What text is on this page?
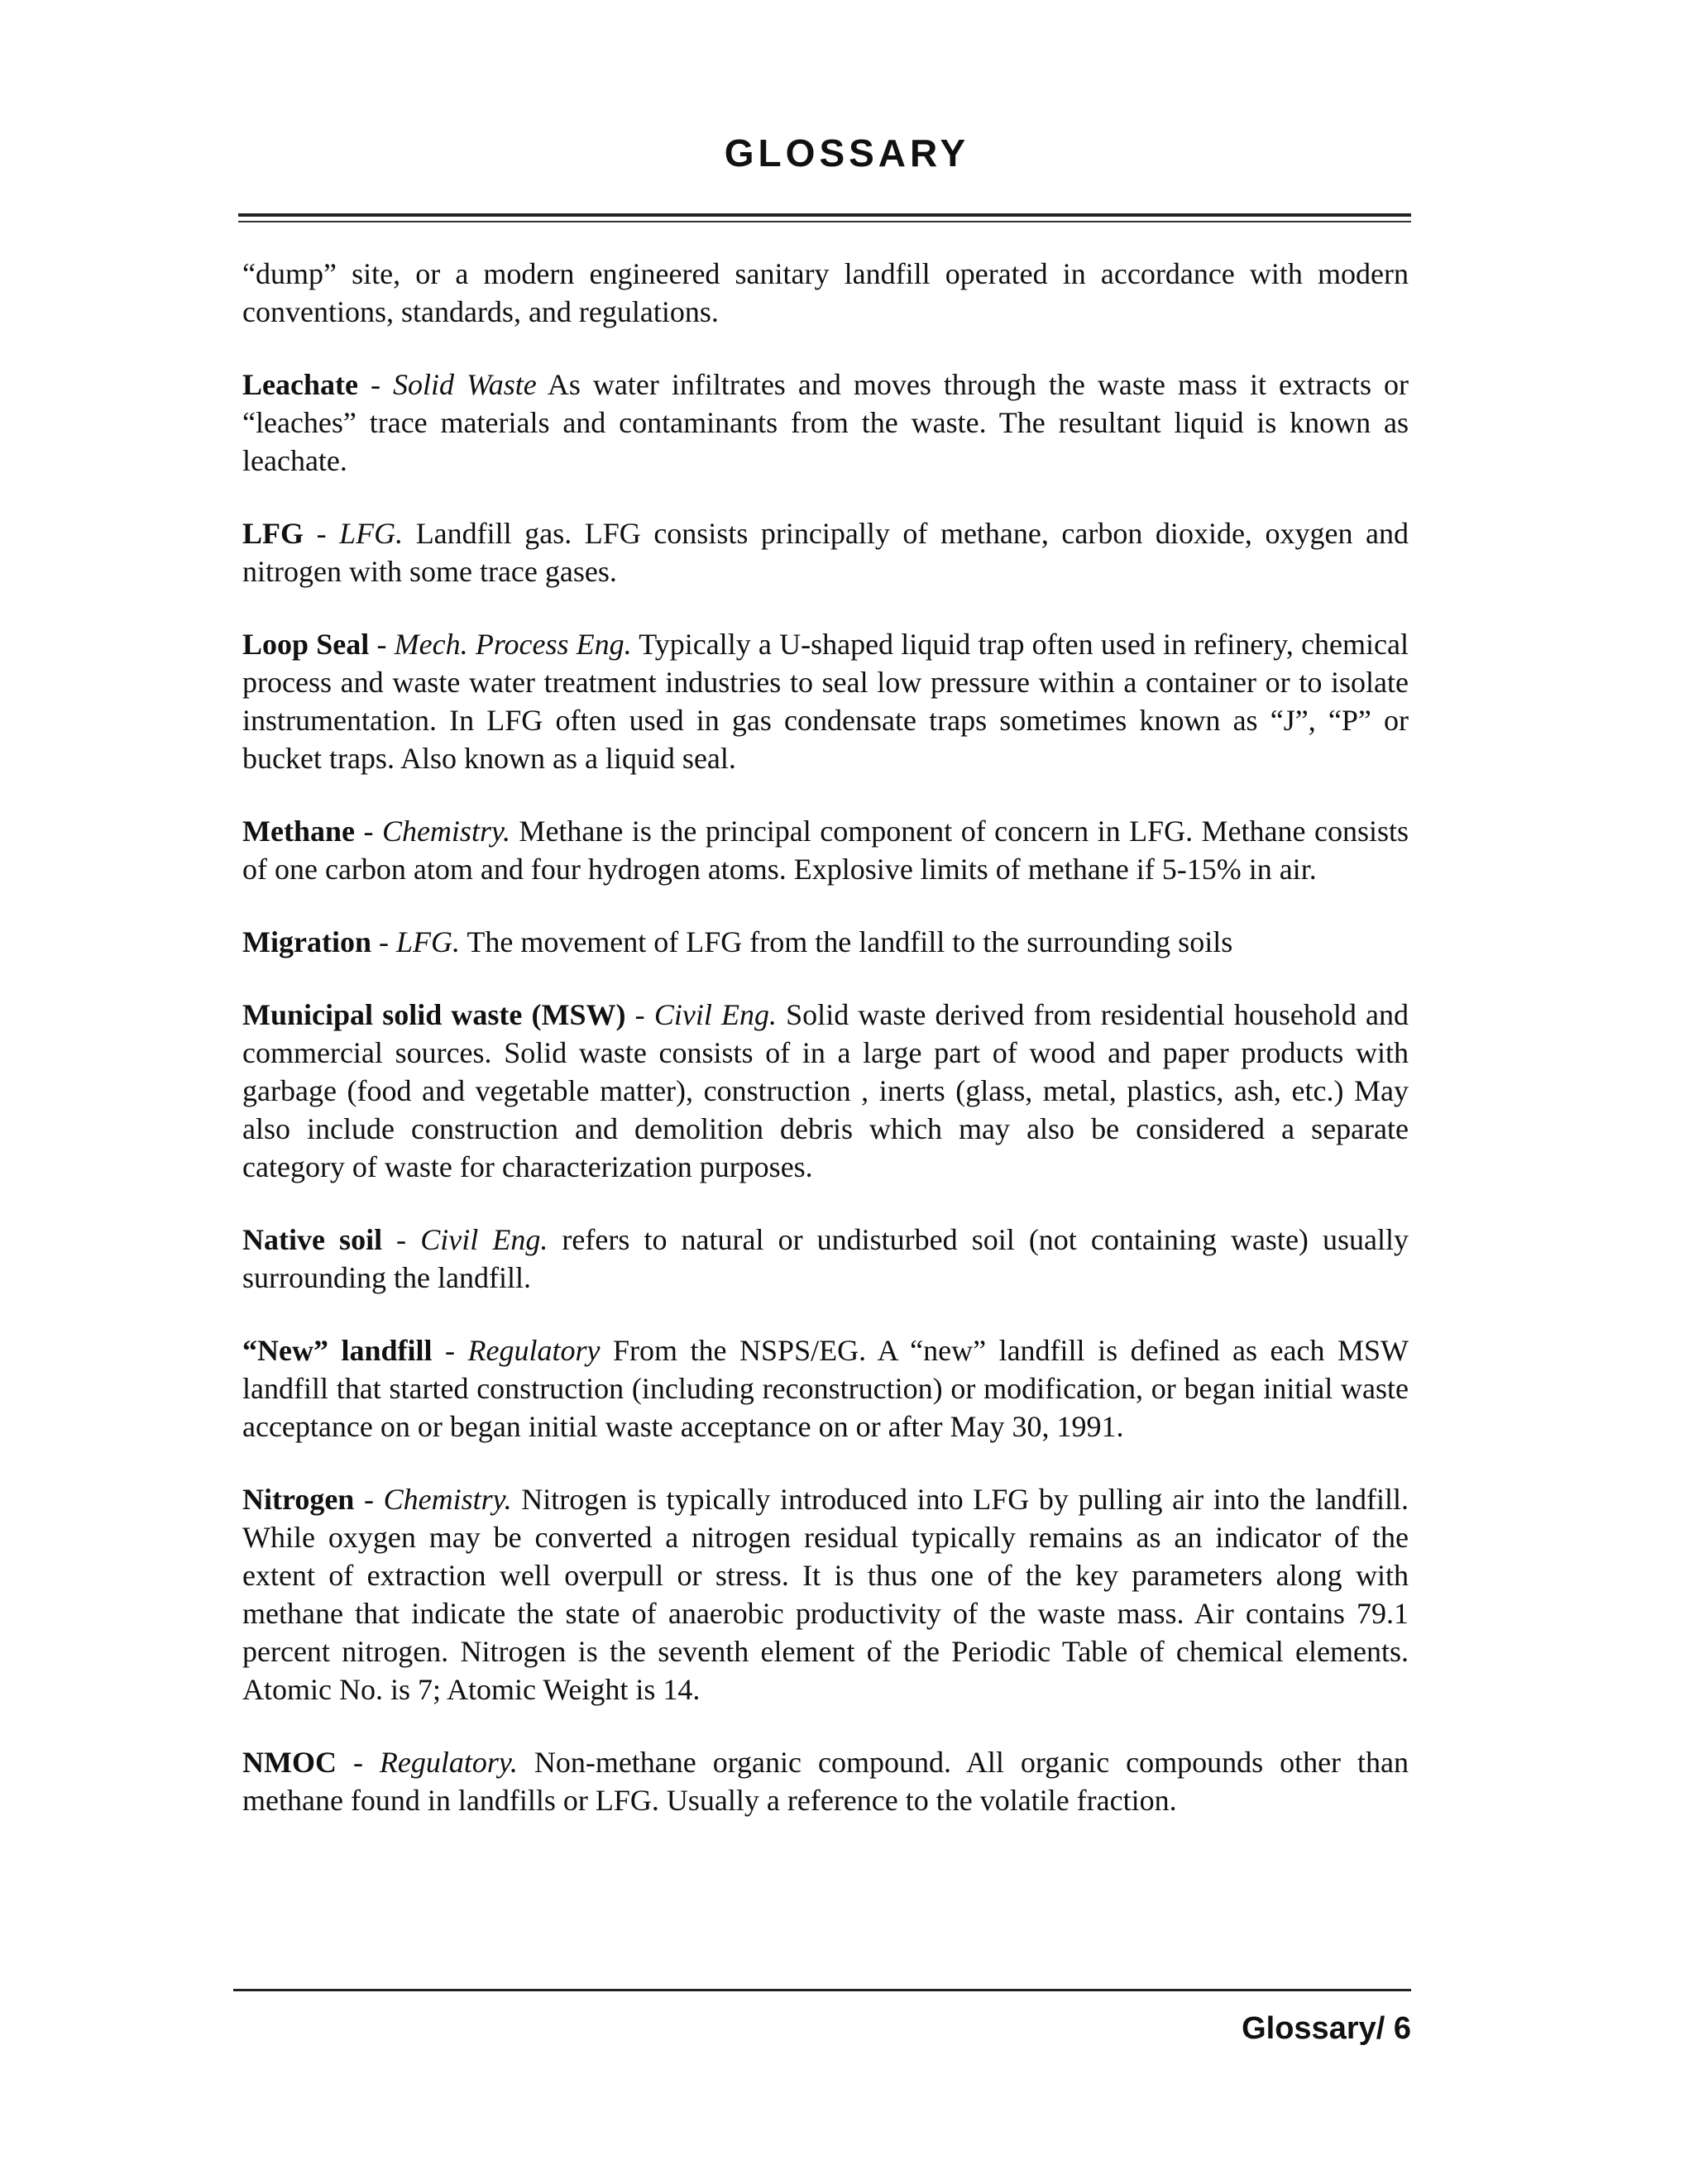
GLOSSARY

“dump” site, or a modern engineered sanitary landfill operated in accordance with modern conventions, standards, and regulations.

Leachate - Solid Waste As water infiltrates and moves through the waste mass it extracts or “leaches” trace materials and contaminants from the waste. The resultant liquid is known as leachate.

LFG - LFG. Landfill gas. LFG consists principally of methane, carbon dioxide, oxygen and nitrogen with some trace gases.

Loop Seal - Mech. Process Eng. Typically a U-shaped liquid trap often used in refinery, chemical process and waste water treatment industries to seal low pressure within a container or to isolate instrumentation. In LFG often used in gas condensate traps sometimes known as “J”, “P” or bucket traps. Also known as a liquid seal.

Methane - Chemistry. Methane is the principal component of concern in LFG. Methane consists of one carbon atom and four hydrogen atoms. Explosive limits of methane if 5-15% in air.

Migration - LFG. The movement of LFG from the landfill to the surrounding soils

Municipal solid waste (MSW) - Civil Eng. Solid waste derived from residential household and commercial sources. Solid waste consists of in a large part of wood and paper products with garbage (food and vegetable matter), construction , inerts (glass, metal, plastics, ash, etc.) May also include construction and demolition debris which may also be considered a separate category of waste for characterization purposes.

Native soil - Civil Eng. refers to natural or undisturbed soil (not containing waste) usually surrounding the landfill.

“New” landfill - Regulatory From the NSPS/EG. A “new” landfill is defined as each MSW landfill that started construction (including reconstruction) or modification, or began initial waste acceptance on or began initial waste acceptance on or after May 30, 1991.

Nitrogen - Chemistry. Nitrogen is typically introduced into LFG by pulling air into the landfill. While oxygen may be converted a nitrogen residual typically remains as an indicator of the extent of extraction well overpull or stress. It is thus one of the key parameters along with methane that indicate the state of anaerobic productivity of the waste mass. Air contains 79.1 percent nitrogen. Nitrogen is the seventh element of the Periodic Table of chemical elements. Atomic No. is 7; Atomic Weight is 14.

NMOC - Regulatory. Non-methane organic compound. All organic compounds other than methane found in landfills or LFG. Usually a reference to the volatile fraction.

Glossary/ 6
